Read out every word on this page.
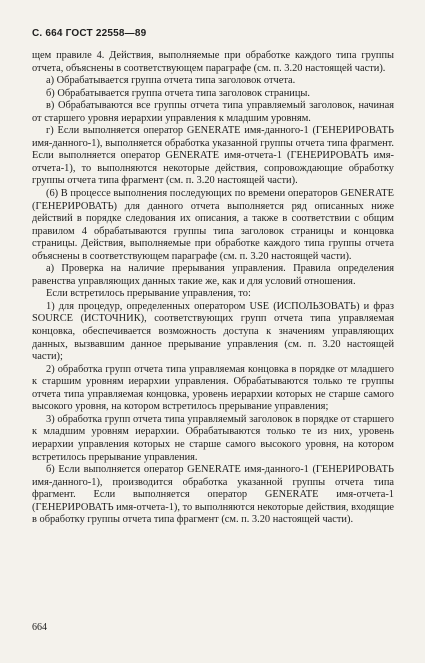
С. 664 ГОСТ 22558—89

щем правиле 4. Действия, выполняемые при обработке каждого типа группы отчета, объяснены в соответствующем параграфе (см. п. 3.20 настоящей части).

а) Обрабатывается группа отчета типа заголовок отчета.

б) Обрабатывается группа отчета типа заголовок страницы.

в) Обрабатываются все группы отчета типа управляемый заголовок, начиная от старшего уровня иерархии управления к младшим уровням.

г) Если выполняется оператор GENERATE имя-данного-1 (ГЕНЕРИРОВАТЬ имя-данного-1), выполняется обработка указанной группы отчета типа фрагмент. Если выполняется оператор GENERATE имя-отчета-1 (ГЕНЕРИРОВАТЬ имя-отчета-1), то выполняются некоторые действия, сопровождающие обработку группы отчета типа фрагмент (см. п. 3.20 настоящей части).

(6) В процессе выполнения последующих по времени операторов GENERATE (ГЕНЕРИРОВАТЬ) для данного отчета выполняется ряд описанных ниже действий в порядке следования их описания, а также в соответствии с общим правилом 4 обрабатываются группы типа заголовок страницы и концовка страницы. Действия, выполняемые при обработке каждого типа группы отчета объяснены в соответствующем параграфе (см. п. 3.20 настоящей части).

а) Проверка на наличие прерывания управления. Правила определения равенства управляющих данных такие же, как и для условий отношения.

Если встретилось прерывание управления, то:

1) для процедур, определенных оператором USE (ИСПОЛЬЗОВАТЬ) и фраз SOURCE (ИСТОЧНИК), соответствующих групп отчета типа управляемая концовка, обеспечивается возможность доступа к значениям управляющих данных, вызвавшим данное прерывание управления (см. п. 3.20 настоящей части);

2) обработка групп отчета типа управляемая концовка в порядке от младшего к старшим уровням иерархии управления. Обрабатываются только те группы отчета типа управляемая концовка, уровень иерархии которых не старше самого высокого уровня, на котором встретилось прерывание управления;

3) обработка групп отчета типа управляемый заголовок в порядке от старшего к младшим уровням иерархии. Обрабатываются только те из них, уровень иерархии управления которых не старше самого высокого уровня, на котором встретилось прерывание управления.

б) Если выполняется оператор GENERATE имя-данного-1 (ГЕНЕРИРОВАТЬ имя-данного-1), производится обработка указанной группы отчета типа фрагмент. Если выполняется оператор GENERATE имя-отчета-1 (ГЕНЕРИРОВАТЬ имя-отчета-1), то выполняются некоторые действия, входящие в обработку группы отчета типа фрагмент (см. п. 3.20 настоящей части).

664
